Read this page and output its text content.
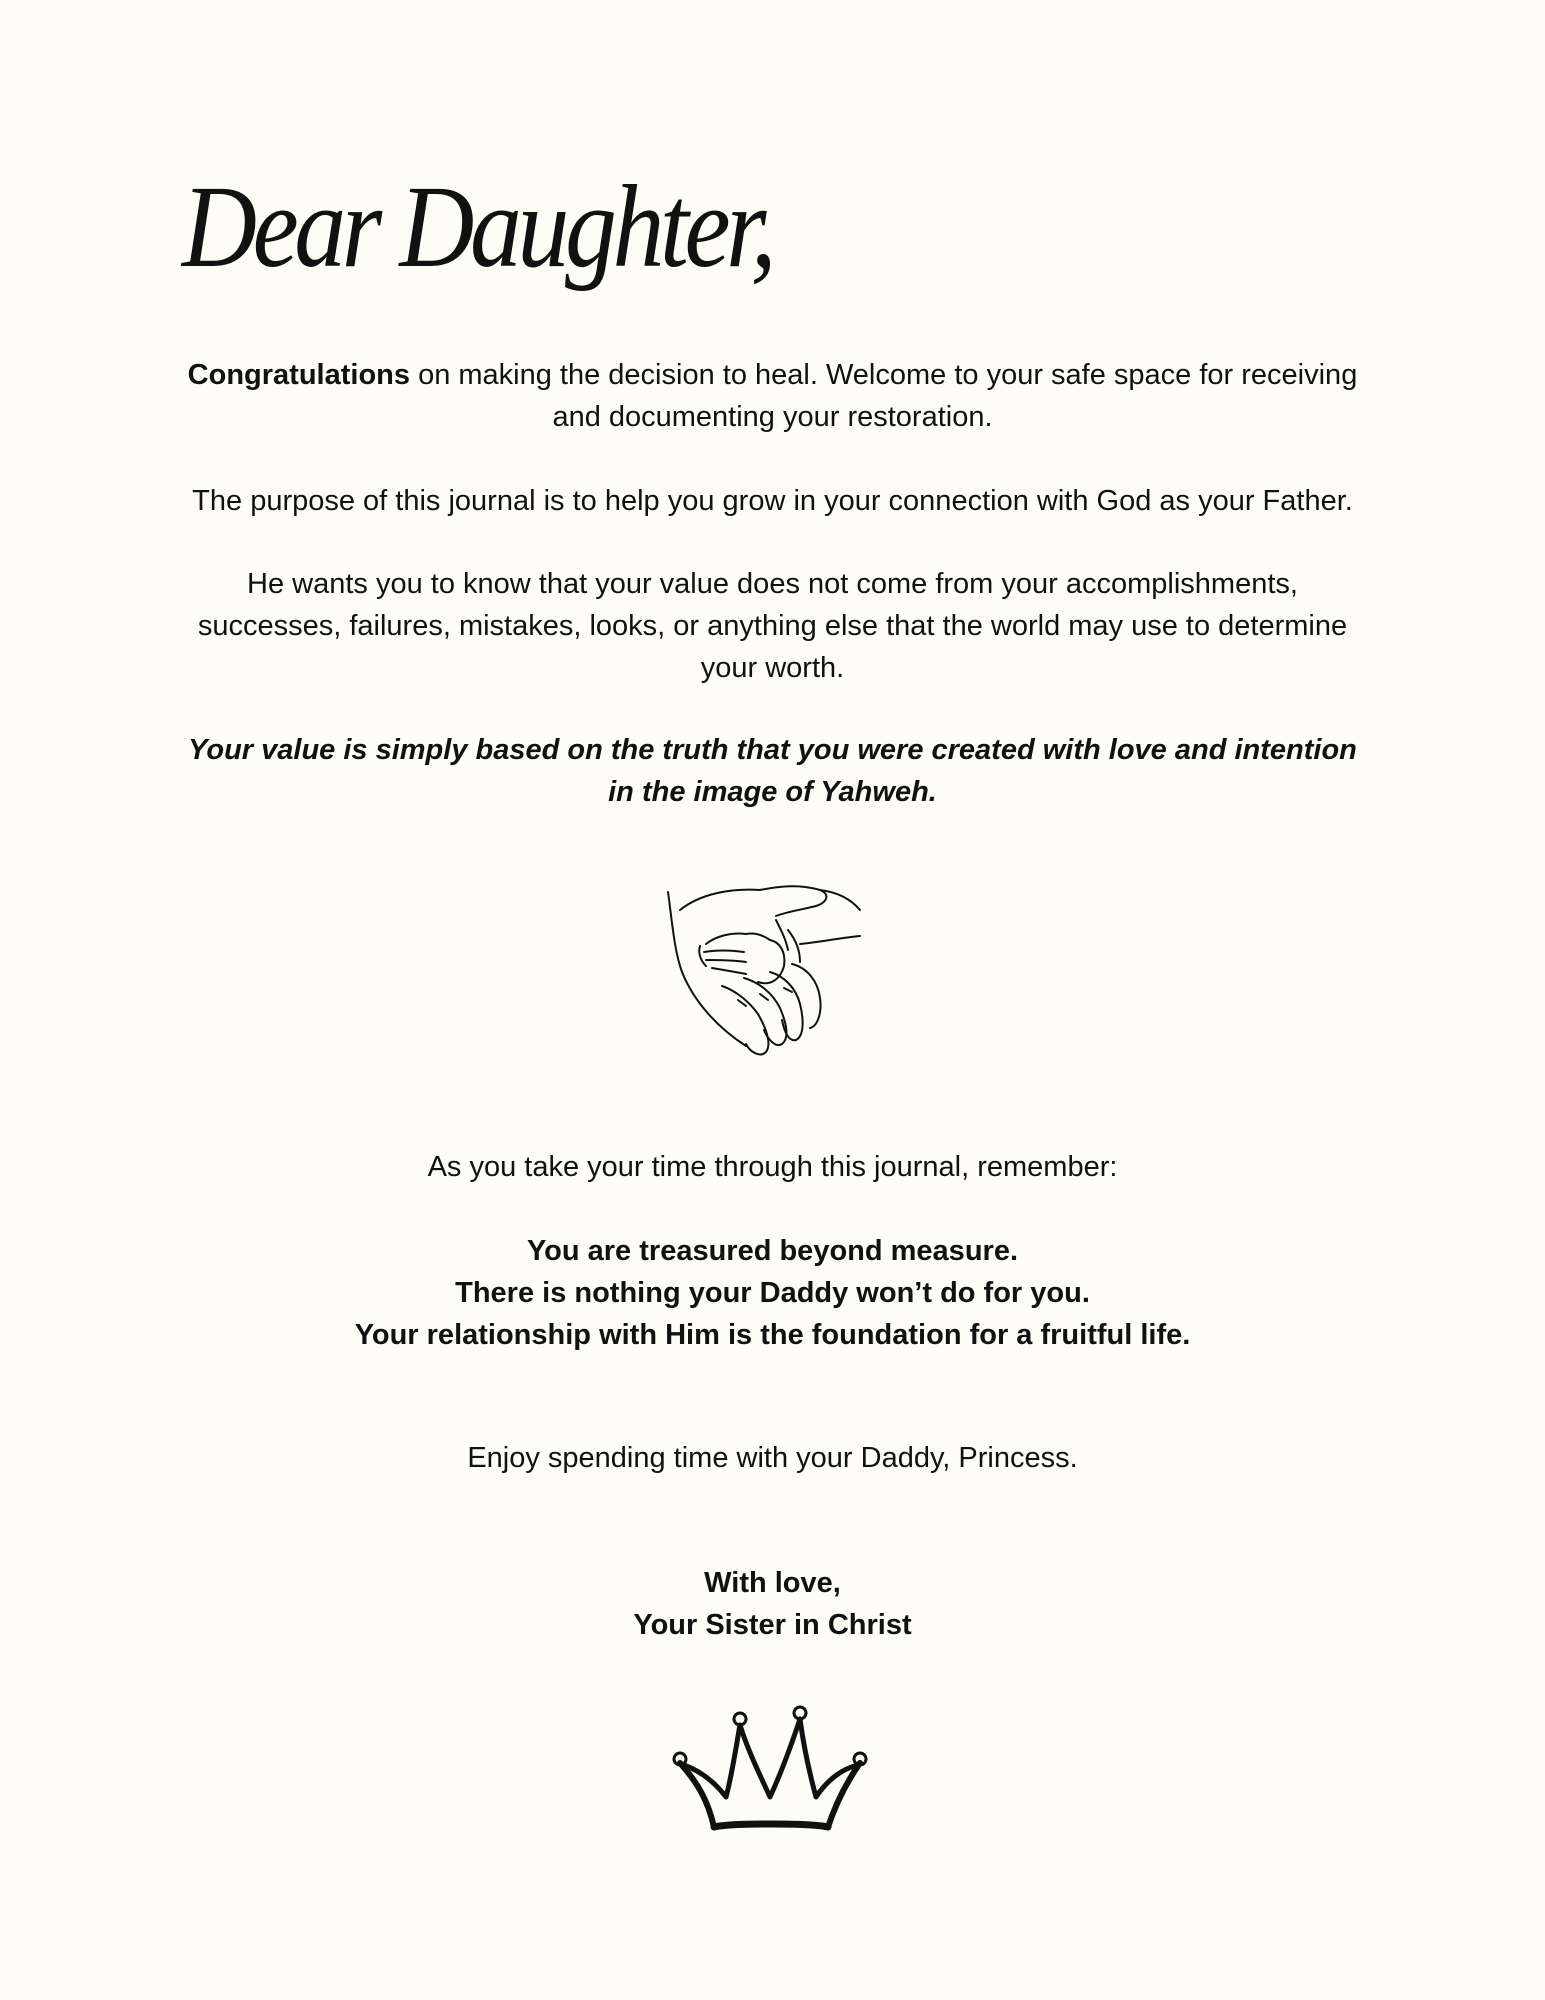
Dear Daughter,

Congratulations on making the decision to heal. Welcome to your safe space for receiving
and documenting your restoration.

The purpose of this journal is to help you grow in your connection with God as your Father.

He wants you to know that your value does not come from your accomplishments,
successes, failures, mistakes, looks, or anything else that the world may use to determine
your worth.

Your value is simply based on the truth that you were created with love and intention
in the image of Yahweh.

As you take your time through this journal, remember:

You are treasured beyond measure.
There is nothing your Daddy won’t do for you.
Your relationship with Him is the foundation for a fruitful life.

Enjoy spending time with your Daddy, Princess.

With love,
Your Sister in Christ
